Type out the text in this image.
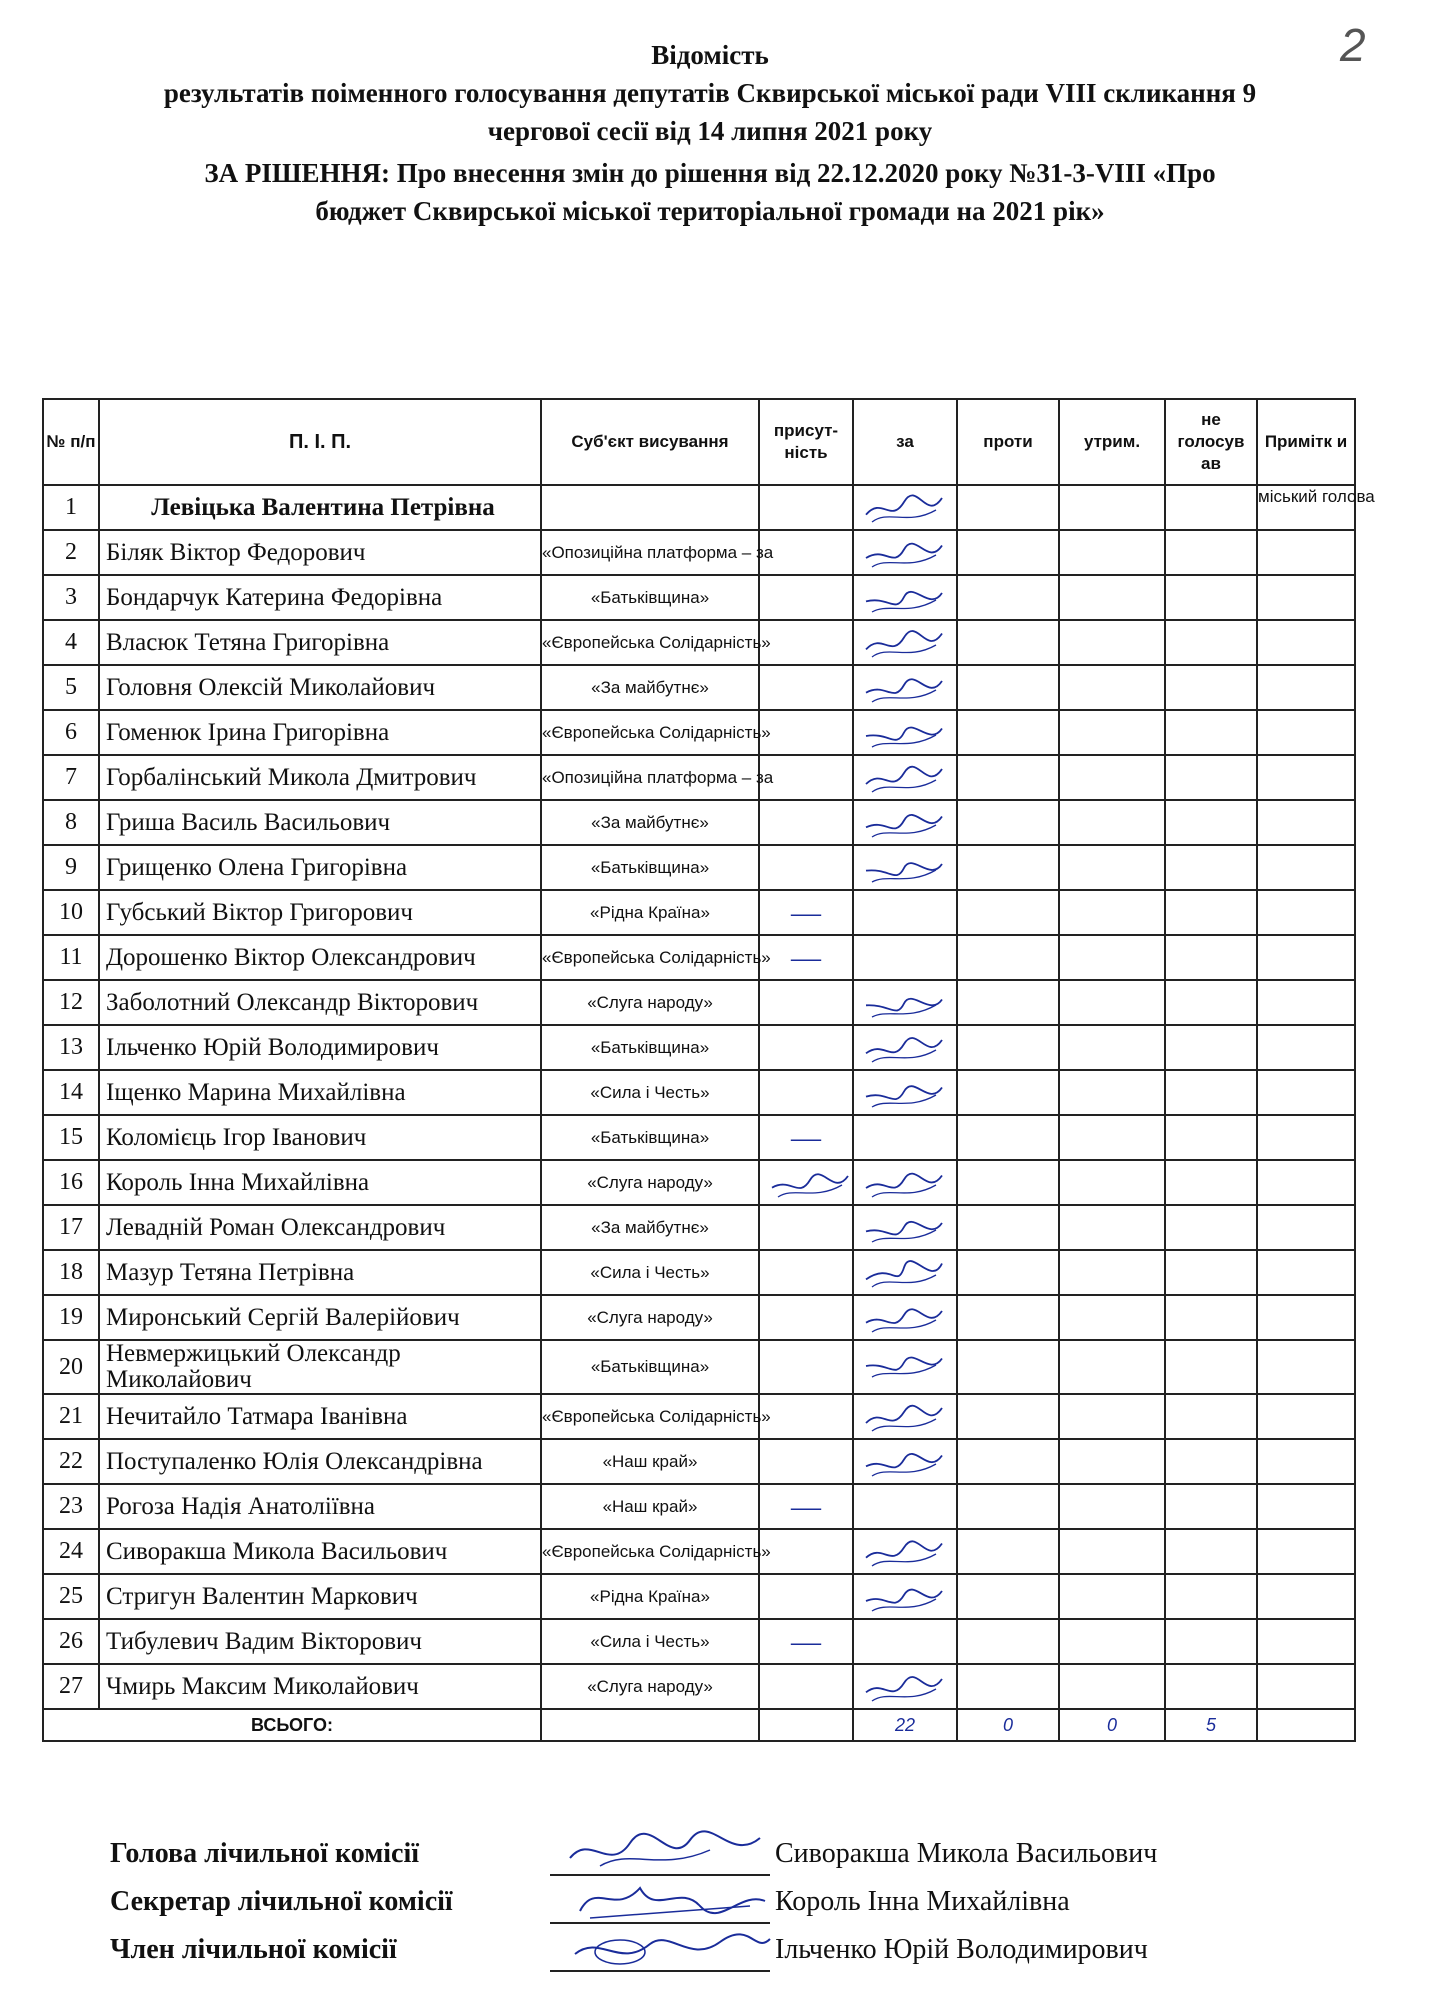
2
Відомість
результатів поіменного голосування депутатів Сквирської міської ради VIII скликання 9
чергової сесії від 14 липня 2021 року
ЗА РІШЕННЯ: Про внесення змін до рішення від 22.12.2020 року №31-3-VIII «Про
бюджет Сквирської міської територіальної громади на 2021 рік»
№ п/п	П. І. П.	Суб'єкт висування	присут-ність	за	проти	утрим.	не голосув ав	Примітк и
1	Левіцька Валентина Петрівна							міський голова
2	Біляк Віктор Федорович	«Опозиційна платформа – за		

3	Бондарчук Катерина Федорівна	«Батьківщина»		

4	Власюк Тетяна Григорівна	«Європейська Солідарність»		

5	Головня Олексій Миколайович	«За майбутнє»		

6	Гоменюк Ірина Григорівна	«Європейська Солідарність»		

7	Горбалінський Микола Дмитрович	«Опозиційна платформа – за		

8	Гриша Василь Васильович	«За майбутнє»		

9	Грищенко Олена Григорівна	«Батьківщина»		

10	Губський Віктор Григорович	«Рідна Країна»	—					
11	Дорошенко Віктор Олександрович	«Європейська Солідарність»	—					
12	Заболотний Олександр Вікторович	«Слуга народу»		

13	Ільченко Юрій Володимирович	«Батьківщина»		

14	Іщенко Марина Михайлівна	«Сила і Честь»		

15	Коломієць Ігор Іванович	«Батьківщина»	—					
16	Король Інна Михайлівна	«Слуга народу»	

17	Левадній Роман Олександрович	«За майбутнє»		

18	Мазур Тетяна Петрівна	«Сила і Честь»		

19	Миронський Сергій Валерійович	«Слуга народу»		

20	Невмержицький Олександр Миколайович	«Батьківщина»		

21	Нечитайло Татмара Іванівна	«Європейська Солідарність»		

22	Поступаленко Юлія Олександрівна	«Наш край»		

23	Рогоза Надія Анатоліївна	«Наш край»	—					
24	Сиворакша Микола Васильович	«Європейська Солідарність»		

25	Стригун Валентин Маркович	«Рідна Країна»		

26	Тибулевич Вадим Вікторович	«Сила і Честь»	—					
27	Чмирь Максим Миколайович	«Слуга народу»		

ВСЬОГО:				22	0	0	5	
Голова лічильної комісії	Сиворакша Микола Васильович
Секретар лічильної комісії	Король Інна Михайлівна
Член лічильної комісії	Ільченко Юрій Володимирович
